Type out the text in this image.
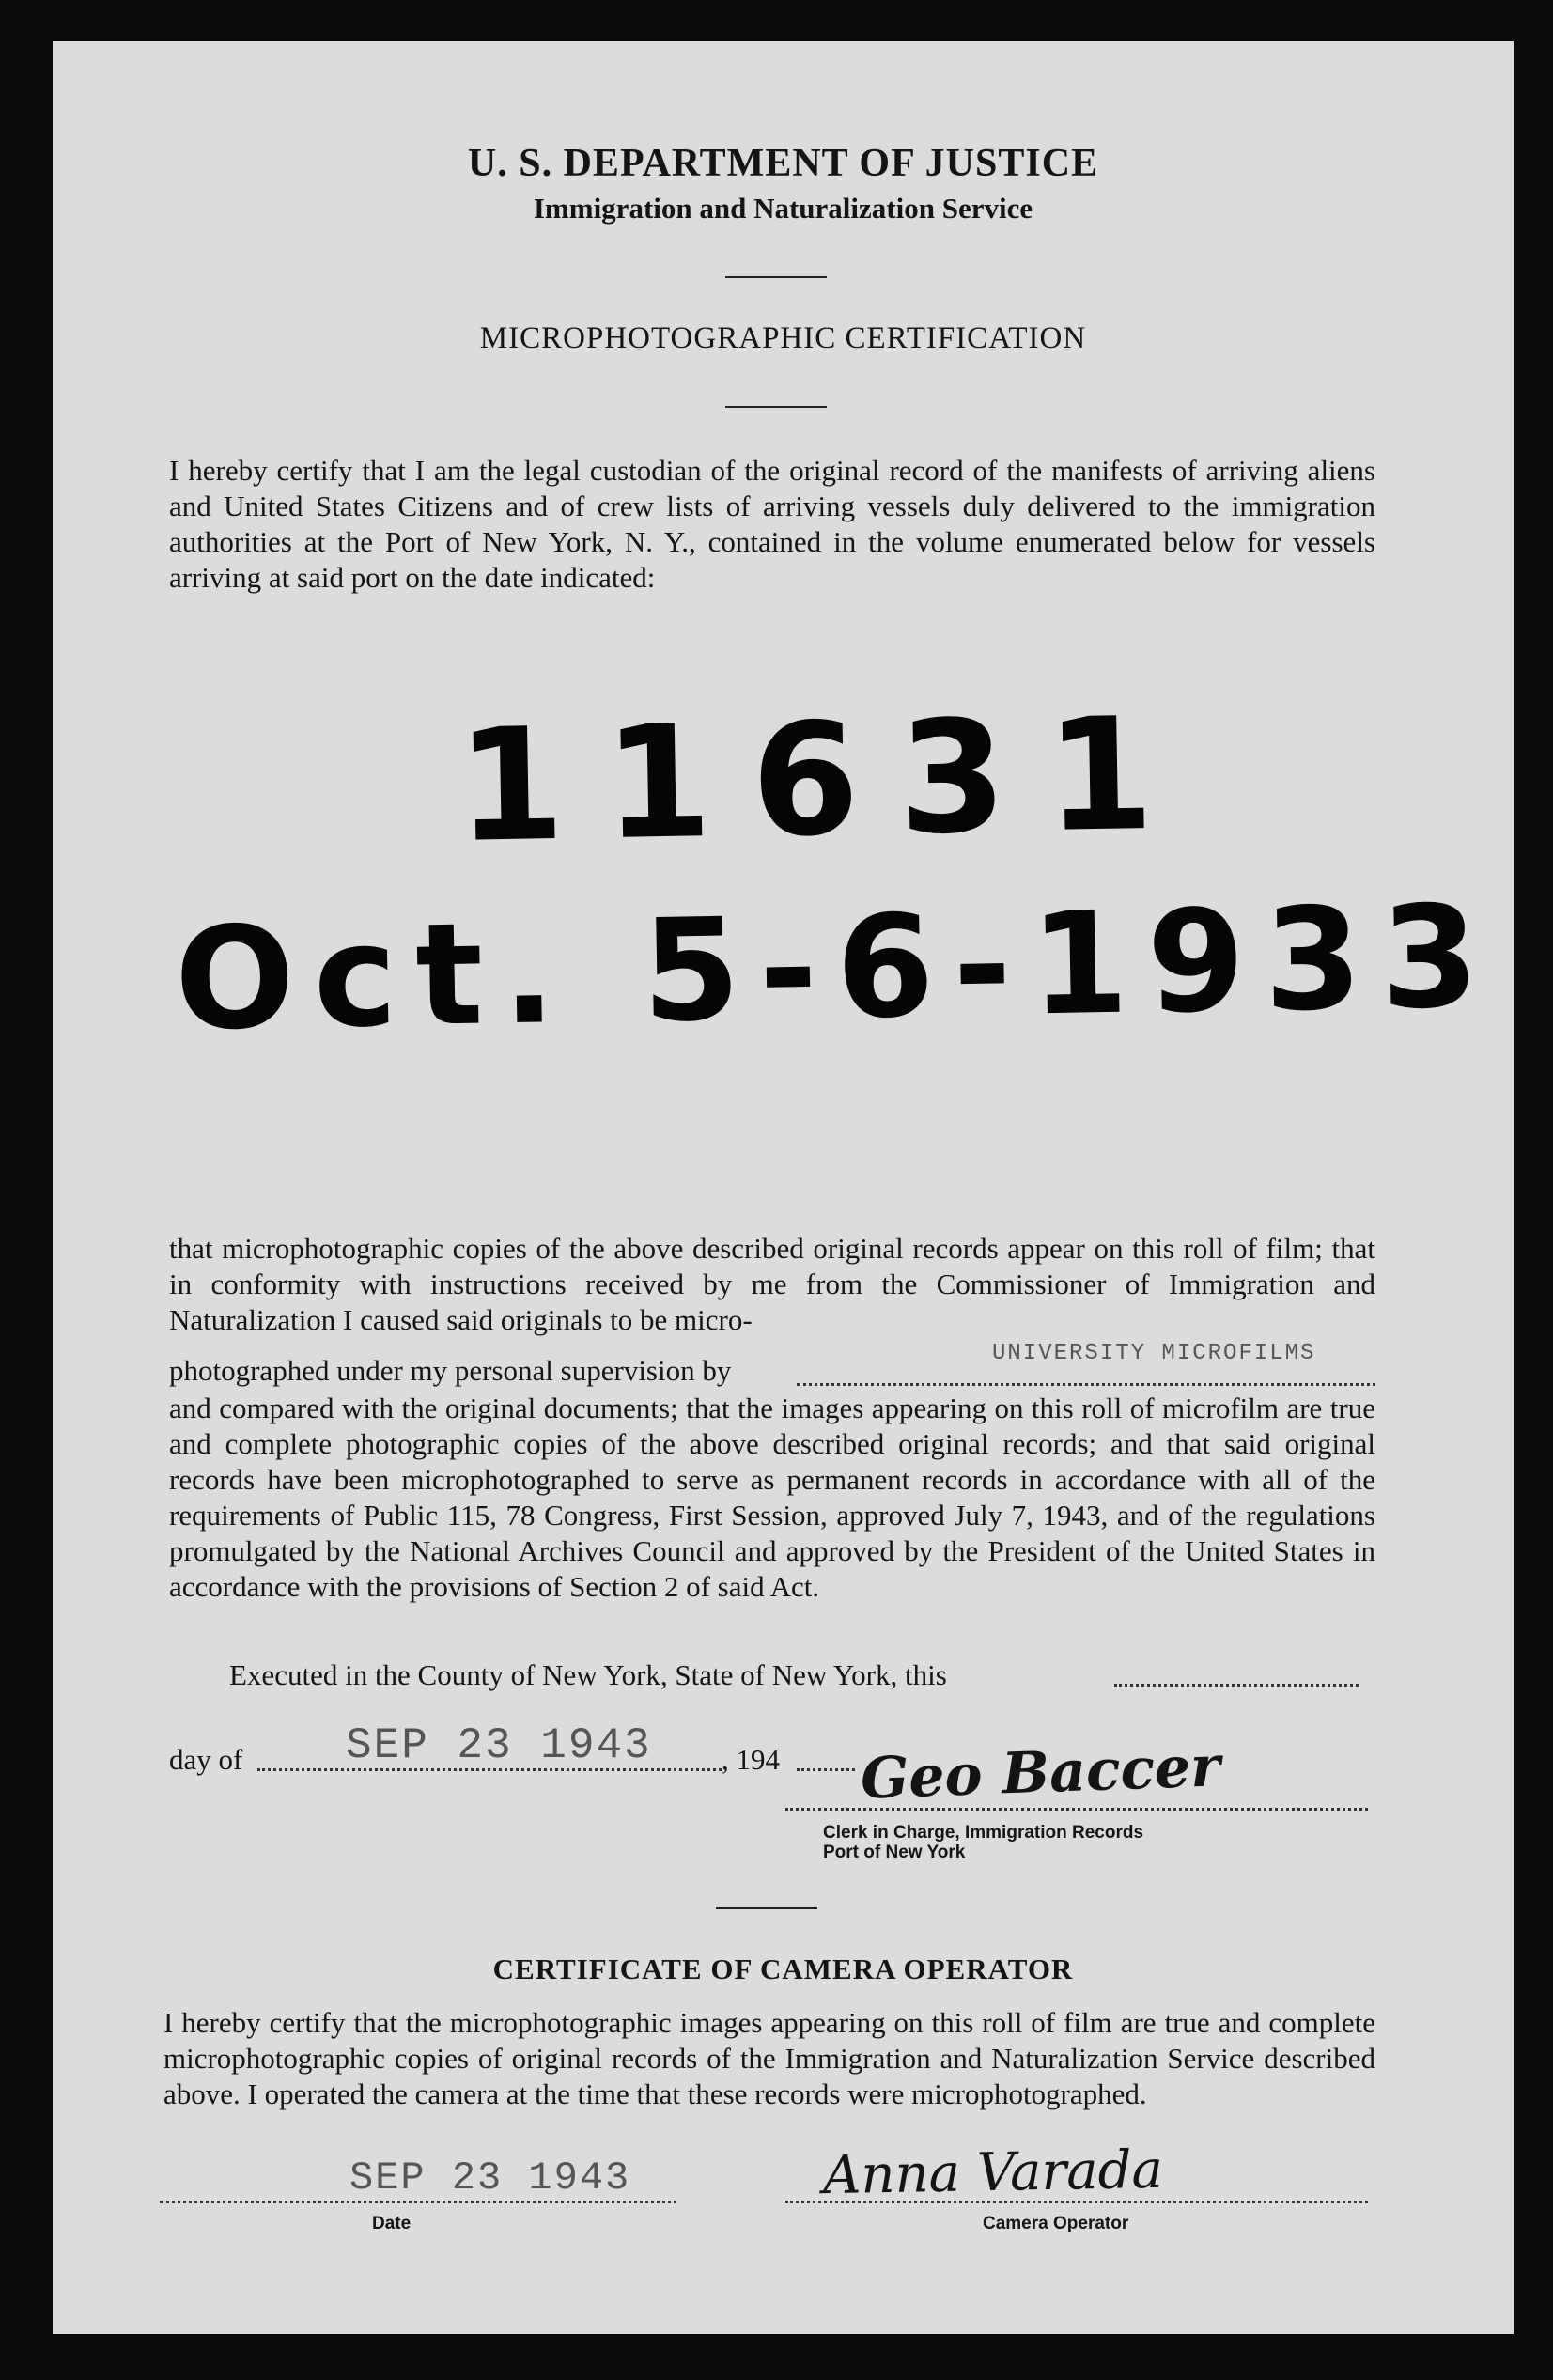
U. S. DEPARTMENT OF JUSTICE
Immigration and Naturalization Service
MICROPHOTOGRAPHIC CERTIFICATION
I hereby certify that I am the legal custodian of the original record of the manifests of arriving aliens and United States Citizens and of crew lists of arriving vessels duly delivered to the immigration authorities at the Port of New York, N. Y., contained in the volume enumerated below for vessels arriving at said port on the date indicated:
11631
Oct. 5-6-1933
that microphotographic copies of the above described original records appear on this roll of film; that in conformity with instructions received by me from the Commissioner of Immigration and Naturalization I caused said originals to be micro-
photographed under my personal supervision by
UNIVERSITY MICROFILMS
and compared with the original documents; that the images appearing on this roll of microfilm are true and complete photographic copies of the above described original records; and that said original records have been microphotographed to serve as permanent records in accordance with all of the requirements of Public 115, 78 Congress, First Session, approved July 7, 1943, and of the regulations promulgated by the National Archives Council and approved by the President of the United States in accordance with the provisions of Section 2 of said Act.
Executed in the County of New York, State of New York, this
day of SEP 23 1943 , 194 Geo Baccer
Clerk in Charge, Immigration Records
Port of New York
CERTIFICATE OF CAMERA OPERATOR
I hereby certify that the microphotographic images appearing on this roll of film are true and complete microphotographic copies of original records of the Immigration and Naturalization Service described above. I operated the camera at the time that these records were microphotographed.
SEP 23 1943
Date
Anna Varada
Camera Operator
